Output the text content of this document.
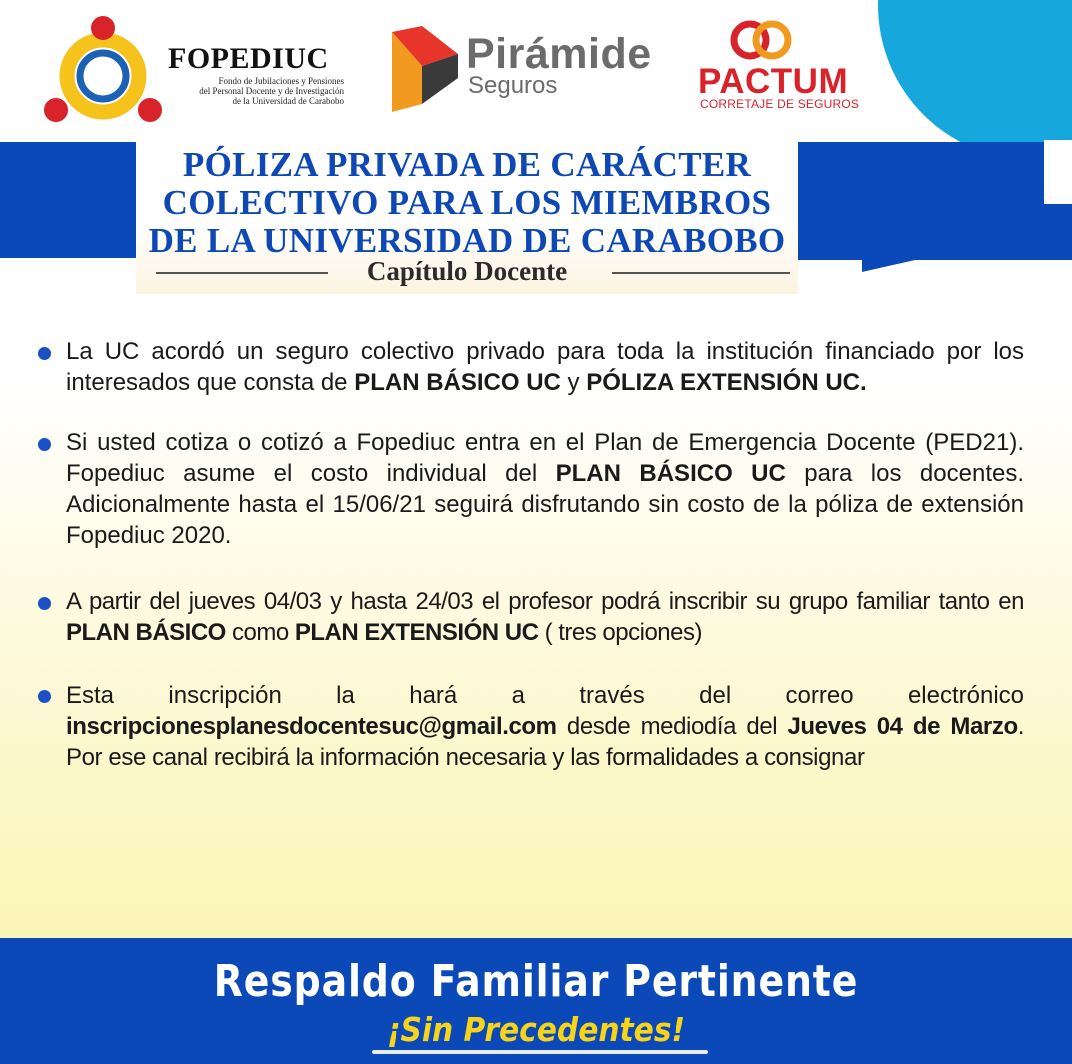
FOPEDIUC
Fondo de Jubilaciones y Pensiones
del Personal Docente y de Investigación
de la Universidad de Carabobo
Pirámide
Seguros	PACTUM
CORRETAJE DE SEGUROS
PÓLIZA PRIVADA DE CARÁCTER
COLECTIVO PARA LOS MIEMBROS
DE LA UNIVERSIDAD DE CARABOBO
Capítulo Docente
La UC acordó un seguro colectivo privado para toda la institución financiado por los interesados que consta de PLAN BÁSICO UC y PÓLIZA EXTENSIÓN UC.
Si usted cotiza o cotizó a Fopediuc entra en el Plan de Emergencia Docente (PED21). Fopediuc asume el costo individual del PLAN BÁSICO UC para los docentes. Adicionalmente hasta el 15/06/21 seguirá disfrutando sin costo de la póliza de extensión Fopediuc 2020.
A partir del jueves 04/03 y hasta 24/03 el profesor podrá inscribir su grupo familiar tanto en PLAN BÁSICO como PLAN EXTENSIÓN UC ( tres opciones)
Esta inscripción la hará a través del correo electrónico
inscripcionesplanesdocentesuc@gmail.com desde mediodía del Jueves 04 de Marzo. Por ese canal recibirá la información necesaria y las formalidades a consignar
Respaldo Familiar Pertinente
¡Sin Precedentes!
